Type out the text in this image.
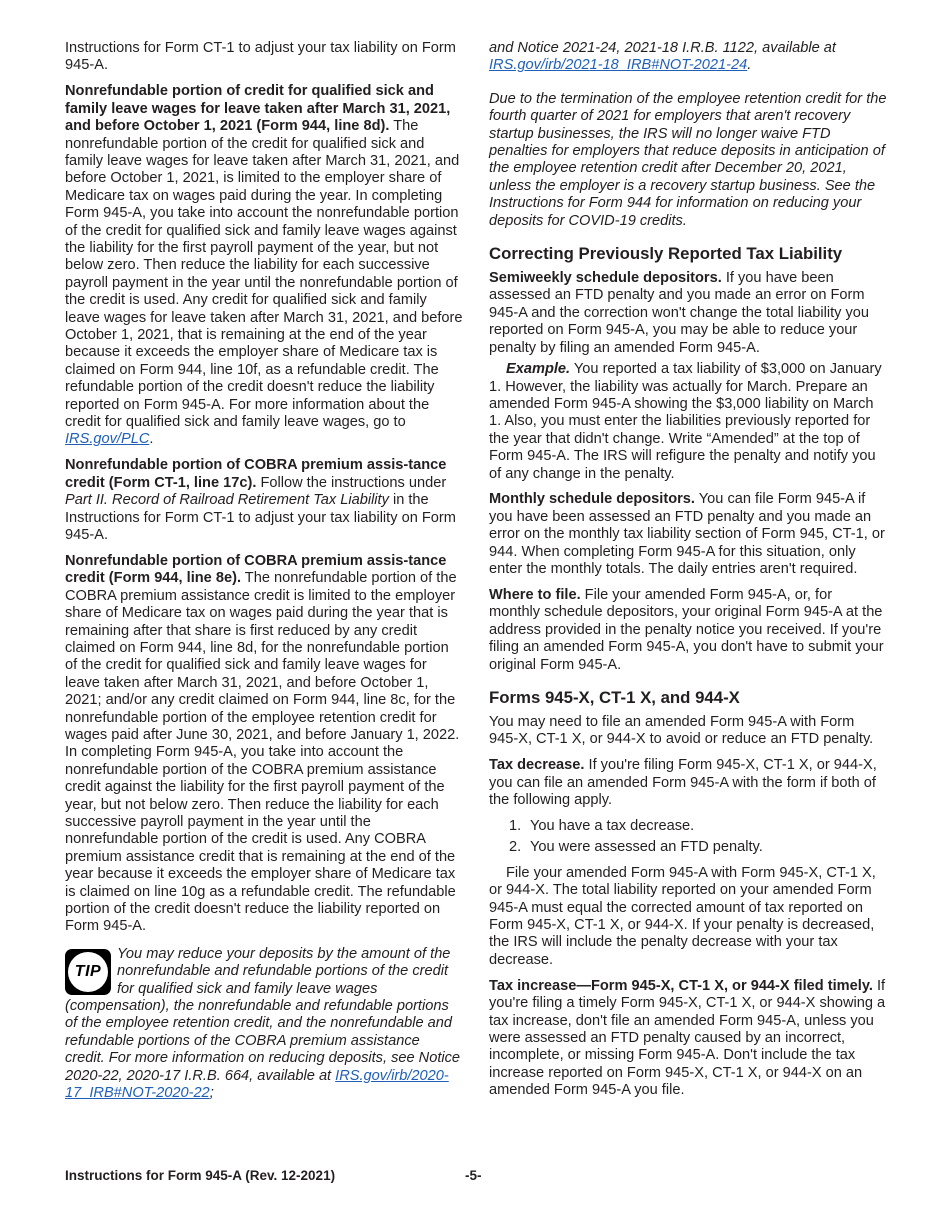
Instructions for Form CT-1 to adjust your tax liability on Form 945-A.

Nonrefundable portion of credit for qualified sick and family leave wages for leave taken after March 31, 2021, and before October 1, 2021 (Form 944, line 8d). The nonrefundable portion of the credit for qualified sick and family leave wages for leave taken after March 31, 2021, and before October 1, 2021, is limited to the employer share of Medicare tax on wages paid during the year. In completing Form 945-A, you take into account the nonrefundable portion of the credit for qualified sick and family leave wages against the liability for the first payroll payment of the year, but not below zero. Then reduce the liability for each successive payroll payment in the year until the nonrefundable portion of the credit is used. Any credit for qualified sick and family leave wages for leave taken after March 31, 2021, and before October 1, 2021, that is remaining at the end of the year because it exceeds the employer share of Medicare tax is claimed on Form 944, line 10f, as a refundable credit. The refundable portion of the credit doesn't reduce the liability reported on Form 945-A. For more information about the credit for qualified sick and family leave wages, go to IRS.gov/PLC.

Nonrefundable portion of COBRA premium assis-tance credit (Form CT-1, line 17c). Follow the instructions under Part II. Record of Railroad Retirement Tax Liability in the Instructions for Form CT-1 to adjust your tax liability on Form 945-A.

Nonrefundable portion of COBRA premium assis-tance credit (Form 944, line 8e). The nonrefundable portion of the COBRA premium assistance credit is limited to the employer share of Medicare tax on wages paid during the year that is remaining after that share is first reduced by any credit claimed on Form 944, line 8d, for the nonrefundable portion of the credit for qualified sick and family leave wages for leave taken after March 31, 2021, and before October 1, 2021; and/or any credit claimed on Form 944, line 8c, for the nonrefundable portion of the employee retention credit for wages paid after June 30, 2021, and before January 1, 2022. In completing Form 945-A, you take into account the nonrefundable portion of the COBRA premium assistance credit against the liability for the first payroll payment of the year, but not below zero. Then reduce the liability for each successive payroll payment in the year until the nonrefundable portion of the credit is used. Any COBRA premium assistance credit that is remaining at the end of the year because it exceeds the employer share of Medicare tax is claimed on line 10g as a refundable credit. The refundable portion of the credit doesn't reduce the liability reported on Form 945-A.

TIP
You may reduce your deposits by the amount of the nonrefundable and refundable portions of the credit for qualified sick and family leave wages (compensation), the nonrefundable and refundable portions of the employee retention credit, and the nonrefundable and refundable portions of the COBRA premium assistance credit. For more information on reducing deposits, see Notice 2020-22, 2020-17 I.R.B. 664, available at IRS.gov/irb/2020-17_IRB#NOT-2020-22;

and Notice 2021-24, 2021-18 I.R.B. 1122, available at IRS.gov/irb/2021-18_IRB#NOT-2021-24.

Due to the termination of the employee retention credit for the fourth quarter of 2021 for employers that aren't recovery startup businesses, the IRS will no longer waive FTD penalties for employers that reduce deposits in anticipation of the employee retention credit after December 20, 2021, unless the employer is a recovery startup business. See the Instructions for Form 944 for information on reducing your deposits for COVID-19 credits.

Correcting Previously Reported Tax Liability

Semiweekly schedule depositors. If you have been assessed an FTD penalty and you made an error on Form 945-A and the correction won't change the total liability you reported on Form 945-A, you may be able to reduce your penalty by filing an amended Form 945-A.

Example. You reported a tax liability of $3,000 on January 1. However, the liability was actually for March. Prepare an amended Form 945-A showing the $3,000 liability on March 1. Also, you must enter the liabilities previously reported for the year that didn't change. Write “Amended” at the top of Form 945-A. The IRS will refigure the penalty and notify you of any change in the penalty.

Monthly schedule depositors. You can file Form 945-A if you have been assessed an FTD penalty and you made an error on the monthly tax liability section of Form 945, CT-1, or 944. When completing Form 945-A for this situation, only enter the monthly totals. The daily entries aren't required.

Where to file. File your amended Form 945-A, or, for monthly schedule depositors, your original Form 945-A at the address provided in the penalty notice you received. If you're filing an amended Form 945-A, you don't have to submit your original Form 945-A.

Forms 945-X, CT-1 X, and 944-X

You may need to file an amended Form 945-A with Form 945-X, CT-1 X, or 944-X to avoid or reduce an FTD penalty.

Tax decrease. If you're filing Form 945-X, CT-1 X, or 944-X, you can file an amended Form 945-A with the form if both of the following apply.

1. You have a tax decrease.
2. You were assessed an FTD penalty.

File your amended Form 945-A with Form 945-X, CT-1 X, or 944-X. The total liability reported on your amended Form 945-A must equal the corrected amount of tax reported on Form 945-X, CT-1 X, or 944-X. If your penalty is decreased, the IRS will include the penalty decrease with your tax decrease.

Tax increase—Form 945-X, CT-1 X, or 944-X filed timely. If you're filing a timely Form 945-X, CT-1 X, or 944-X showing a tax increase, don't file an amended Form 945-A, unless you were assessed an FTD penalty caused by an incorrect, incomplete, or missing Form 945-A. Don't include the tax increase reported on Form 945-X, CT-1 X, or 944-X on an amended Form 945-A you file.

Instructions for Form 945-A (Rev. 12-2021)	-5-
